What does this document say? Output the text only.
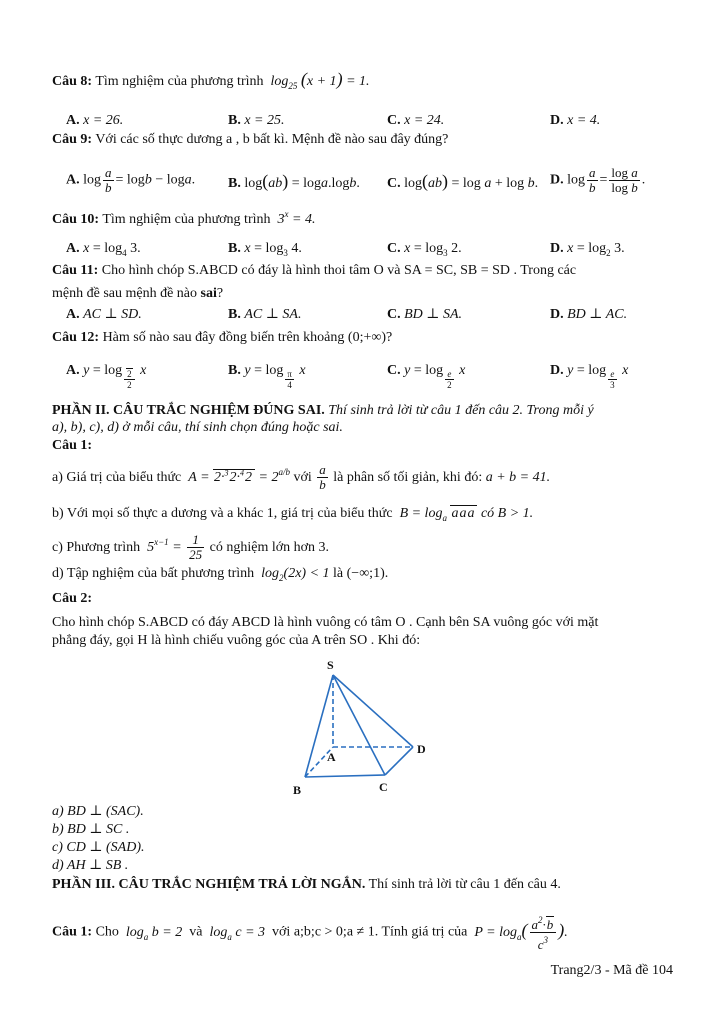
Câu 8: Tìm nghiệm của phương trình  $\log_{25} (x + 1) = 1$.
A. x = 26.	B. x = 25.	C. x = 24.	D. x = 4.
Câu 9: Với các số thực dương a , b bất kì. Mệnh đề nào sau đây đúng?
A. $\log \frac{a}{b} = \log b - \log a$. B. log(ab) = loga.logb. C. log(ab) = log a + log b. D. $\log \frac{a}{b} = \frac{\text{log a}}{\text{log b}}$ .
Câu 10: Tìm nghiệm của phương trình  $3^x = 4$.
A. $x = \log_4 3$.	B. $x = \log_3 4$.	C. $x = \log_3 2$.	D. $x = \log_2 3$.
Câu 11: Cho hình chóp S.ABCD có đáy là hình thoi tâm O và SA = SC, SB = SD . Trong các
mệnh đề sau mệnh đề nào sai?
A. AC ⊥ SD.	B. AC ⊥ SA.	C. BD ⊥ SA.	D. BD ⊥ AC.
Câu 12: Hàm số nào sau đây đồng biến trên khoảng (0;+∞)?
A. $y = \log \frac{2}{2}$ x	B. $y = \log \frac{\pi}{4}$ x	C. $y = \log \frac{e}{2}$ x	D. $y = \log \frac{e}{3}$ x
PHẦN II. CÂU TRẮC NGHIỆM ĐÚNG SAI. Thí sinh trả lời từ câu 1 đến câu 2. Trong mỗi ý
a), b), c), d) ở mỗi câu, thí sinh chọn đúng hoặc sai.
Câu 1:
a) Giá trị của biểu thức  $A = 2\cdot^32\cdot^42 = 2^{a/b}$ với $\frac{a}{b}$ là phân số tối giản, khi đó: a + b = 41.
b) Với mọi số thực a dương và a khác 1, giá trị của biểu thức  $B = \log_a$ aaa có B > 1.
c) Phương trình  $5^{x-1} = \frac{1}{25}$ có nghiệm lớn hơn 3.
d) Tập nghiệm của bất phương trình  $\log_2(2x) < 1$ là (−∞;1).
Câu 2:
Cho hình chóp S.ABCD có đáy ABCD là hình vuông có tâm O . Cạnh bên SA vuông góc với mặt
phẳng đáy, gọi H là hình chiếu vuông góc của A trên SO . Khi đó:
S
A
B	C
D
a) BD ⊥ (SAC).
b) BD ⊥ SC .
c) CD ⊥ (SAD).
d) AH ⊥ SB .
PHẦN III. CÂU TRẮC NGHIỆM TRẢ LỜI NGẮN. Thí sinh trả lời từ câu 1 đến câu 4.
Câu 1: Cho  $\log_a b = 2$  và  $\log_a c = 3$  với a;b;c > 0;a ≠ 1. Tính giá trị của  $P = \log_a( \frac{a^2\cdot b}{c^3}$ ).
Trang2/3 - Mã đề 104
